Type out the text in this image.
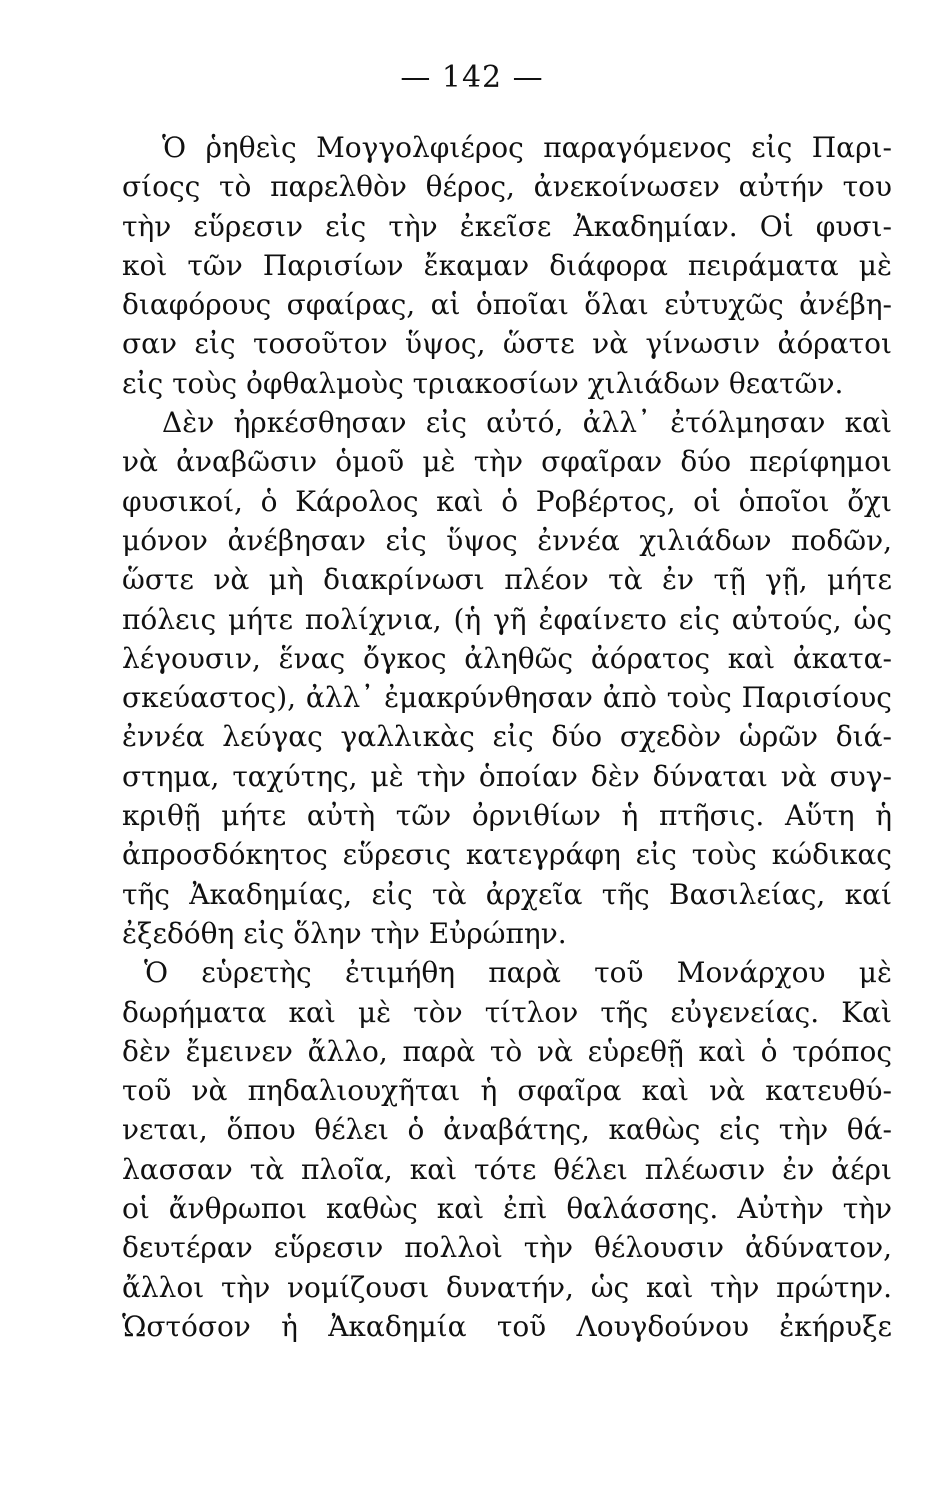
— 142 —
Ὁ ῥηθεὶς Μογγολφιέρος παραγόμενος εἰς Παρι-
σίοςς τὸ παρελθὸν θέρος, ἀνεκοίνωσεν αὐτήν του
τὴν εὕρεσιν εἰς τὴν ἐκεῖσε Ἀκαδημίαν. Οἱ φυσι-
κοὶ τῶν Παρισίων ἔκαμαν διάφορα πειράματα μὲ
διαφόρους σφαίρας, αἱ ὁποῖαι ὅλαι εὐτυχῶς ἀνέβη-
σαν εἰς τοσοῦτον ὕψος, ὥστε νὰ γίνωσιν ἀόρατοι
εἰς τοὺς ὀφθαλμοὺς τριακοσίων χιλιάδων θεατῶν.
Δὲν ἠρκέσθησαν εἰς αὐτό, ἀλλ᾽ ἐτόλμησαν καὶ
νὰ ἀναβῶσιν ὁμοῦ μὲ τὴν σφαῖραν δύο περίφημοι
φυσικοί, ὁ Κάρολος καὶ ὁ Ροβέρτος, οἱ ὁποῖοι ὄχι
μόνον ἀνέβησαν εἰς ὕψος ἐννέα χιλιάδων ποδῶν,
ὥστε νὰ μὴ διακρίνωσι πλέον τὰ ἐν τῇ γῇ, μήτε
πόλεις μήτε πολίχνια, (ἡ γῆ ἐφαίνετο εἰς αὐτούς, ὡς
λέγουσιν, ἕνας ὄγκος ἀληθῶς ἀόρατος καὶ ἀκατα-
σκεύαστος), ἀλλ᾽ ἐμακρύνθησαν ἀπὸ τοὺς Παρισίους
ἐννέα λεύγας γαλλικὰς εἰς δύο σχεδὸν ὡρῶν διά-
στημα, ταχύτης, μὲ τὴν ὁποίαν δὲν δύναται νὰ συγ-
κριθῇ μήτε αὐτὴ τῶν ὀρνιθίων ἡ πτῆσις. Αὕτη ἡ
ἀπροσδόκητος εὕρεσις κατεγράφη εἰς τοὺς κώδικας
τῆς Ἀκαδημίας, εἰς τὰ ἀρχεῖα τῆς Βασιλείας, καί
ἐξεδόθη εἰς ὅλην τὴν Εὐρώπην.
Ὁ εὑρετὴς ἐτιμήθη παρὰ τοῦ Μονάρχου μὲ
δωρήματα καὶ μὲ τὸν τίτλον τῆς εὐγενείας. Καὶ
δὲν ἔμεινεν ἄλλο, παρὰ τὸ νὰ εὑρεθῇ καὶ ὁ τρόπος
τοῦ νὰ πηδαλιουχῆται ἡ σφαῖρα καὶ νὰ κατευθύ-
νεται, ὅπου θέλει ὁ ἀναβάτης, καθὼς εἰς τὴν θά-
λασσαν τὰ πλοῖα, καὶ τότε θέλει πλέωσιν ἐν ἀέρι
οἱ ἄνθρωποι καθὼς καὶ ἐπὶ θαλάσσης. Αὐτὴν τὴν
δευτέραν εὕρεσιν πολλοὶ τὴν θέλουσιν ἀδύνατον,
ἄλλοι τὴν νομίζουσι δυνατήν, ὡς καὶ τὴν πρώτην.
Ὡστόσον ἡ Ἀκαδημία τοῦ Λουγδούνου ἐκήρυξε
